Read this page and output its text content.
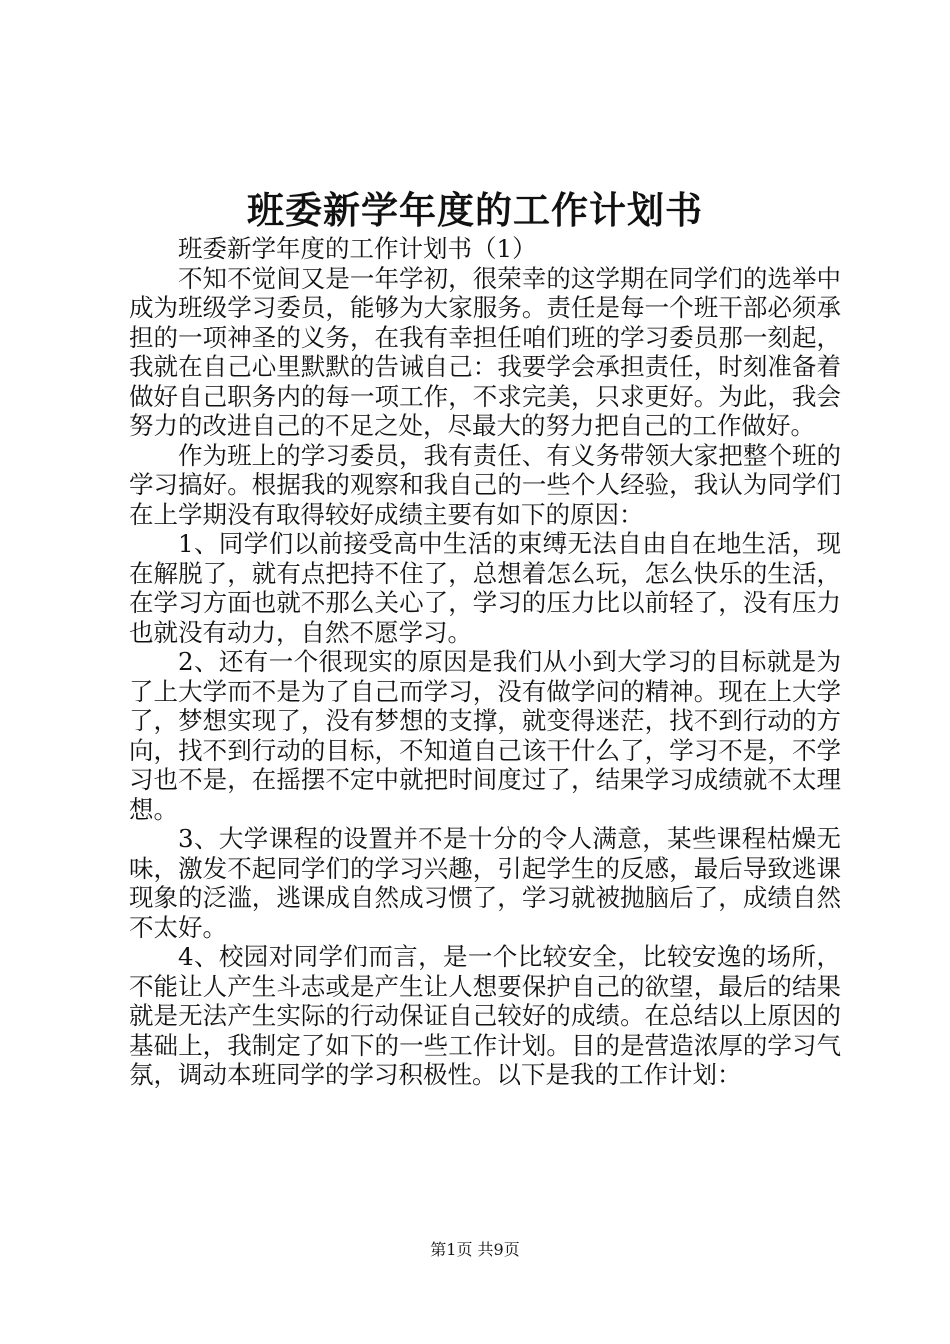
班委新学年度的工作计划书

班委新学年度的工作计划书（1）

不知不觉间又是一年学初，很荣幸的这学期在同学们的选举中成为班级学习委员，能够为大家服务。责任是每一个班干部必须承担的一项神圣的义务，在我有幸担任咱们班的学习委员那一刻起，我就在自己心里默默的告诫自己：我要学会承担责任，时刻准备着做好自己职务内的每一项工作，不求完美，只求更好。为此，我会努力的改进自己的不足之处，尽最大的努力把自己的工作做好。

作为班上的学习委员，我有责任、有义务带领大家把整个班的学习搞好。根据我的观察和我自己的一些个人经验，我认为同学们在上学期没有取得较好成绩主要有如下的原因：

1、同学们以前接受高中生活的束缚无法自由自在地生活，现在解脱了，就有点把持不住了，总想着怎么玩，怎么快乐的生活，在学习方面也就不那么关心了，学习的压力比以前轻了，没有压力也就没有动力，自然不愿学习。

2、还有一个很现实的原因是我们从小到大学习的目标就是为了上大学而不是为了自己而学习，没有做学问的精神。现在上大学了，梦想实现了，没有梦想的支撑，就变得迷茫，找不到行动的方向，找不到行动的目标，不知道自己该干什么了，学习不是，不学习也不是，在摇摆不定中就把时间度过了，结果学习成绩就不太理想。

3、大学课程的设置并不是十分的令人满意，某些课程枯燥无味，激发不起同学们的学习兴趣，引起学生的反感，最后导致逃课现象的泛滥，逃课成自然成习惯了，学习就被抛脑后了，成绩自然不太好。

4、校园对同学们而言，是一个比较安全，比较安逸的场所，不能让人产生斗志或是产生让人想要保护自己的欲望，最后的结果就是无法产生实际的行动保证自己较好的成绩。在总结以上原因的基础上，我制定了如下的一些工作计划。目的是营造浓厚的学习气氛，调动本班同学的学习积极性。以下是我的工作计划：

第1页 共9页
